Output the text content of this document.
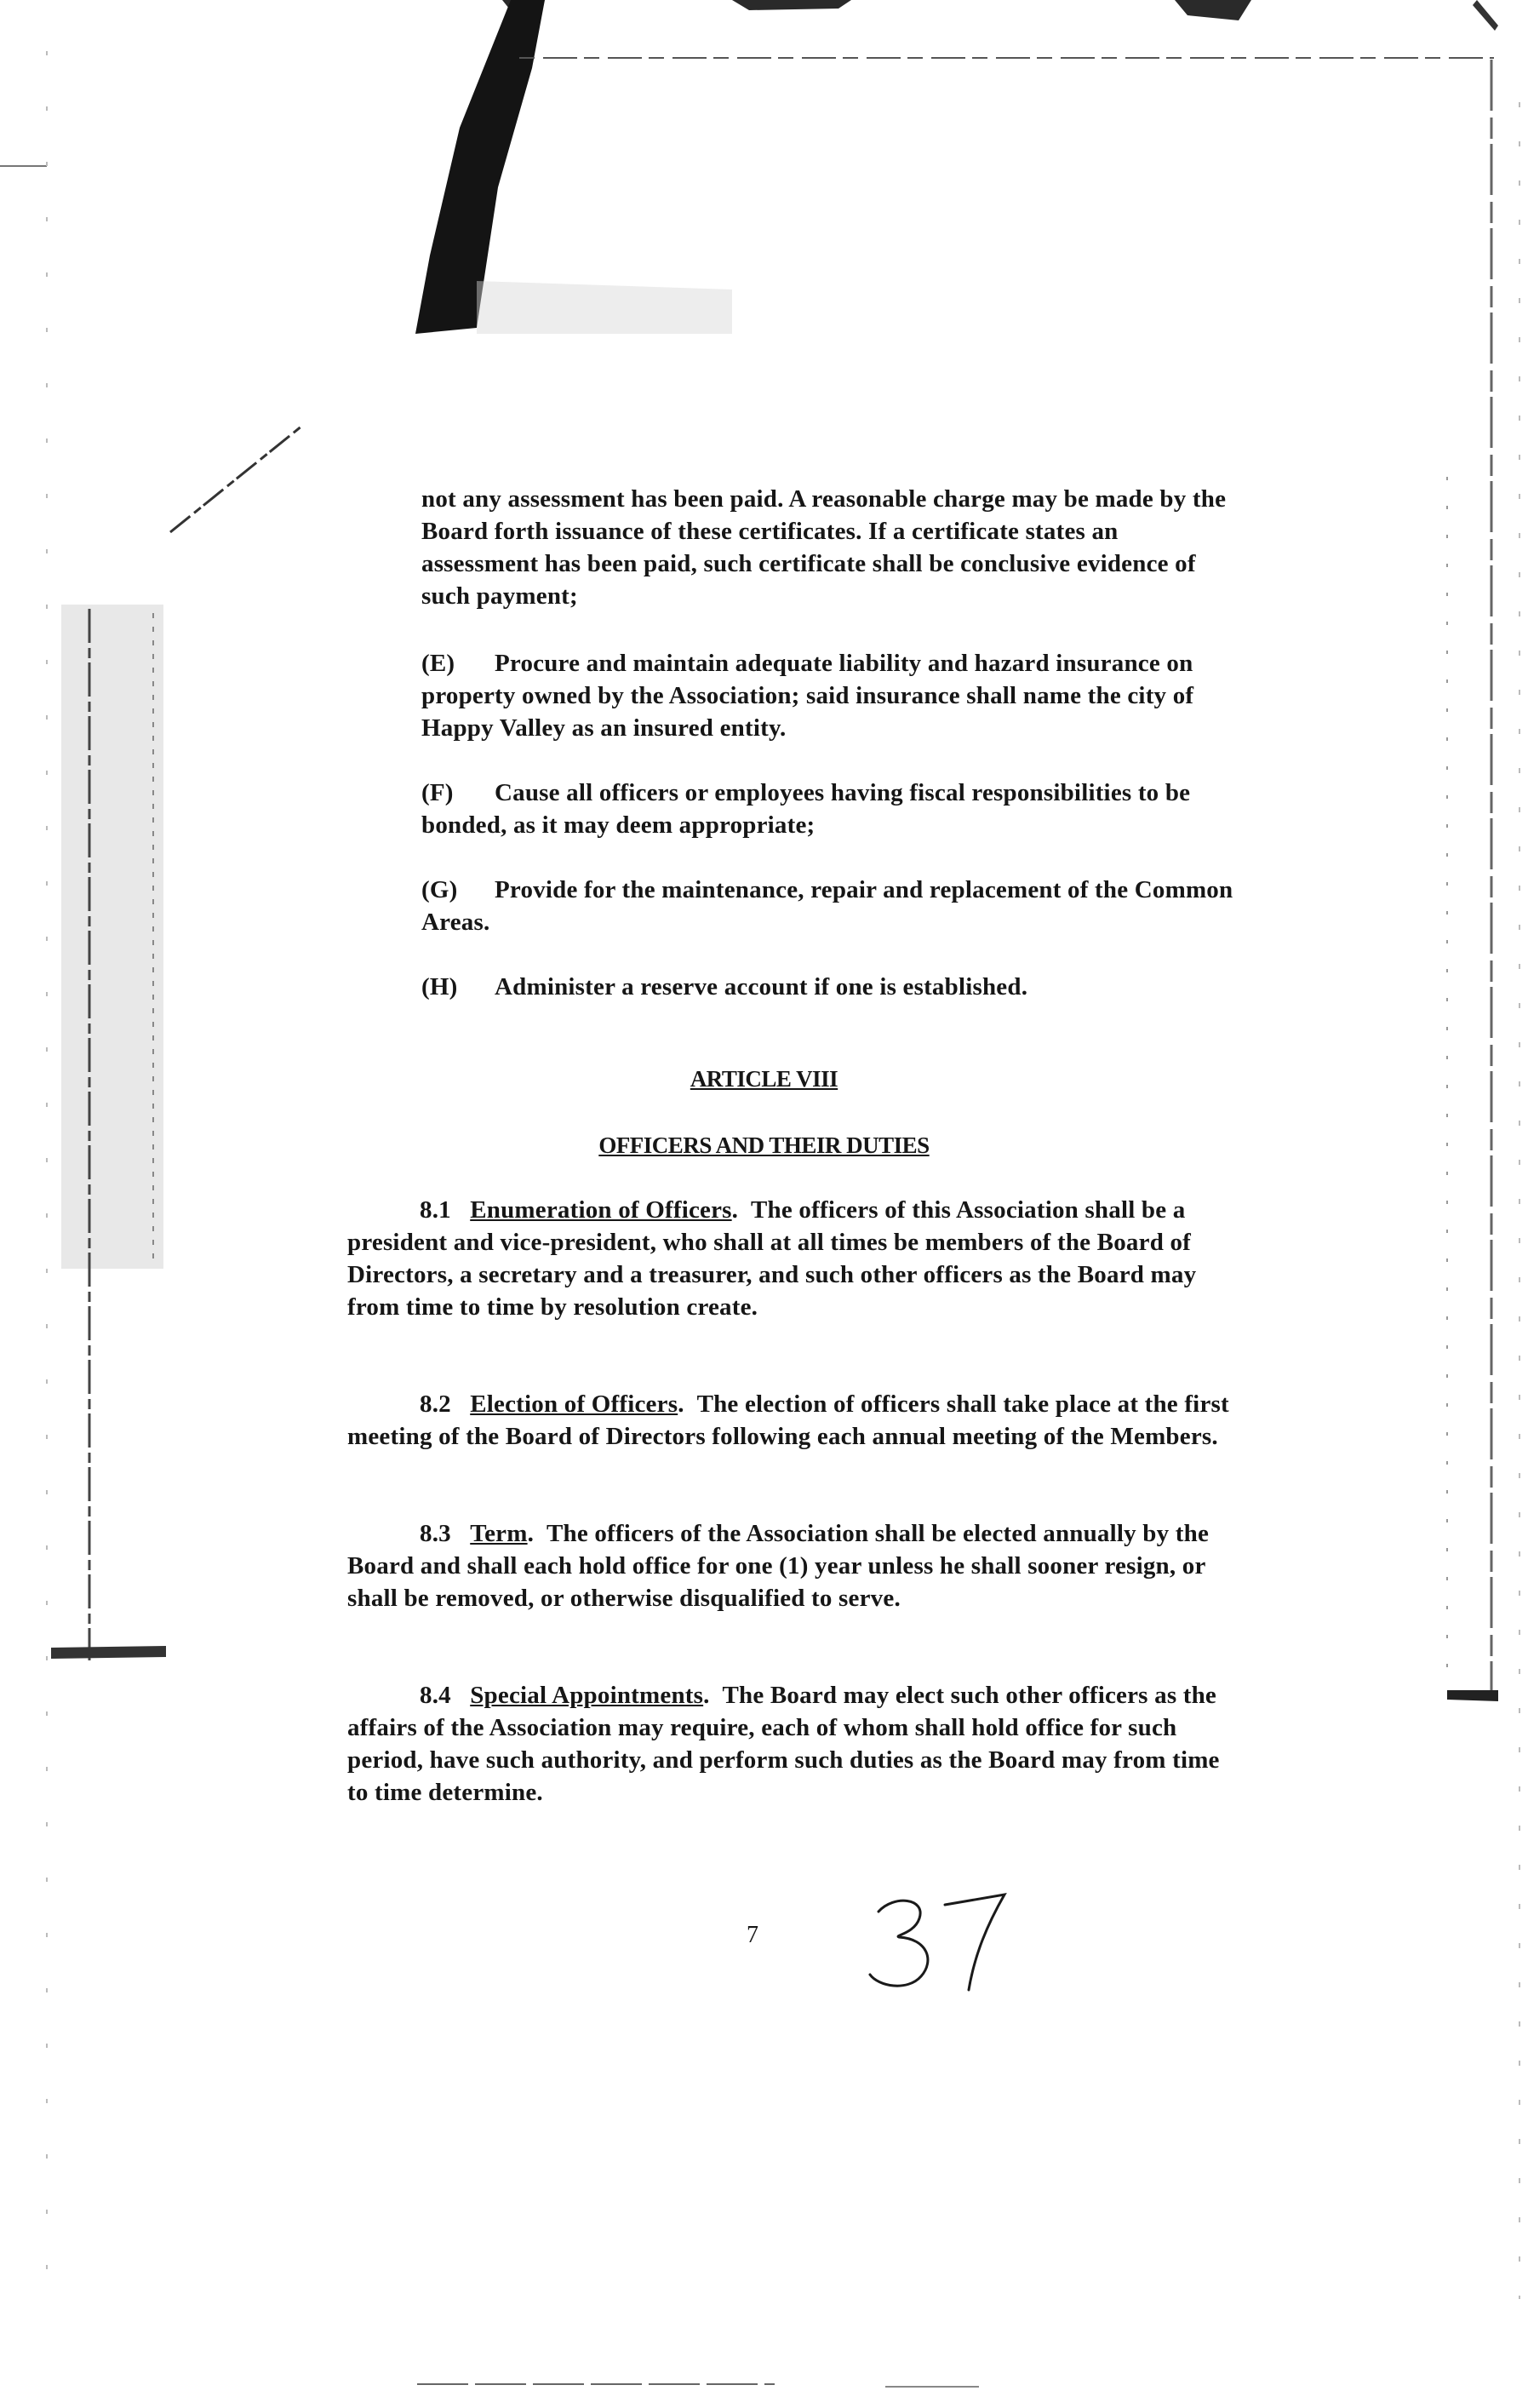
not any assessment has been paid. A reasonable charge may be made by the Board forth issuance of these certificates. If a certificate states an assessment has been paid, such certificate shall be conclusive evidence of such payment;

(E) Procure and maintain adequate liability and hazard insurance on property owned by the Association; said insurance shall name the city of Happy Valley as an insured entity.
(F) Cause all officers or employees having fiscal responsibilities to be bonded, as it may deem appropriate;
(G) Provide for the maintenance, repair and replacement of the Common Areas.
(H) Administer a reserve account if one is established.
ARTICLE VIII
OFFICERS AND THEIR DUTIES
8.1 Enumeration of Officers.  The officers of this Association shall be a president and vice-president, who shall at all times be members of the Board of Directors, a secretary and a treasurer, and such other officers as the Board may from time to time by resolution create.
8.2 Election of Officers.  The election of officers shall take place at the first meeting of the Board of Directors following each annual meeting of the Members.
8.3 Term.  The officers of the Association shall be elected annually by the Board and shall each hold office for one (1) year unless he shall sooner resign, or shall be removed, or otherwise disqualified to serve.
8.4 Special Appointments.  The Board may elect such other officers as the affairs of the Association may require, each of whom shall hold office for such period, have such authority, and perform such duties as the Board may from time to time determine.
7
